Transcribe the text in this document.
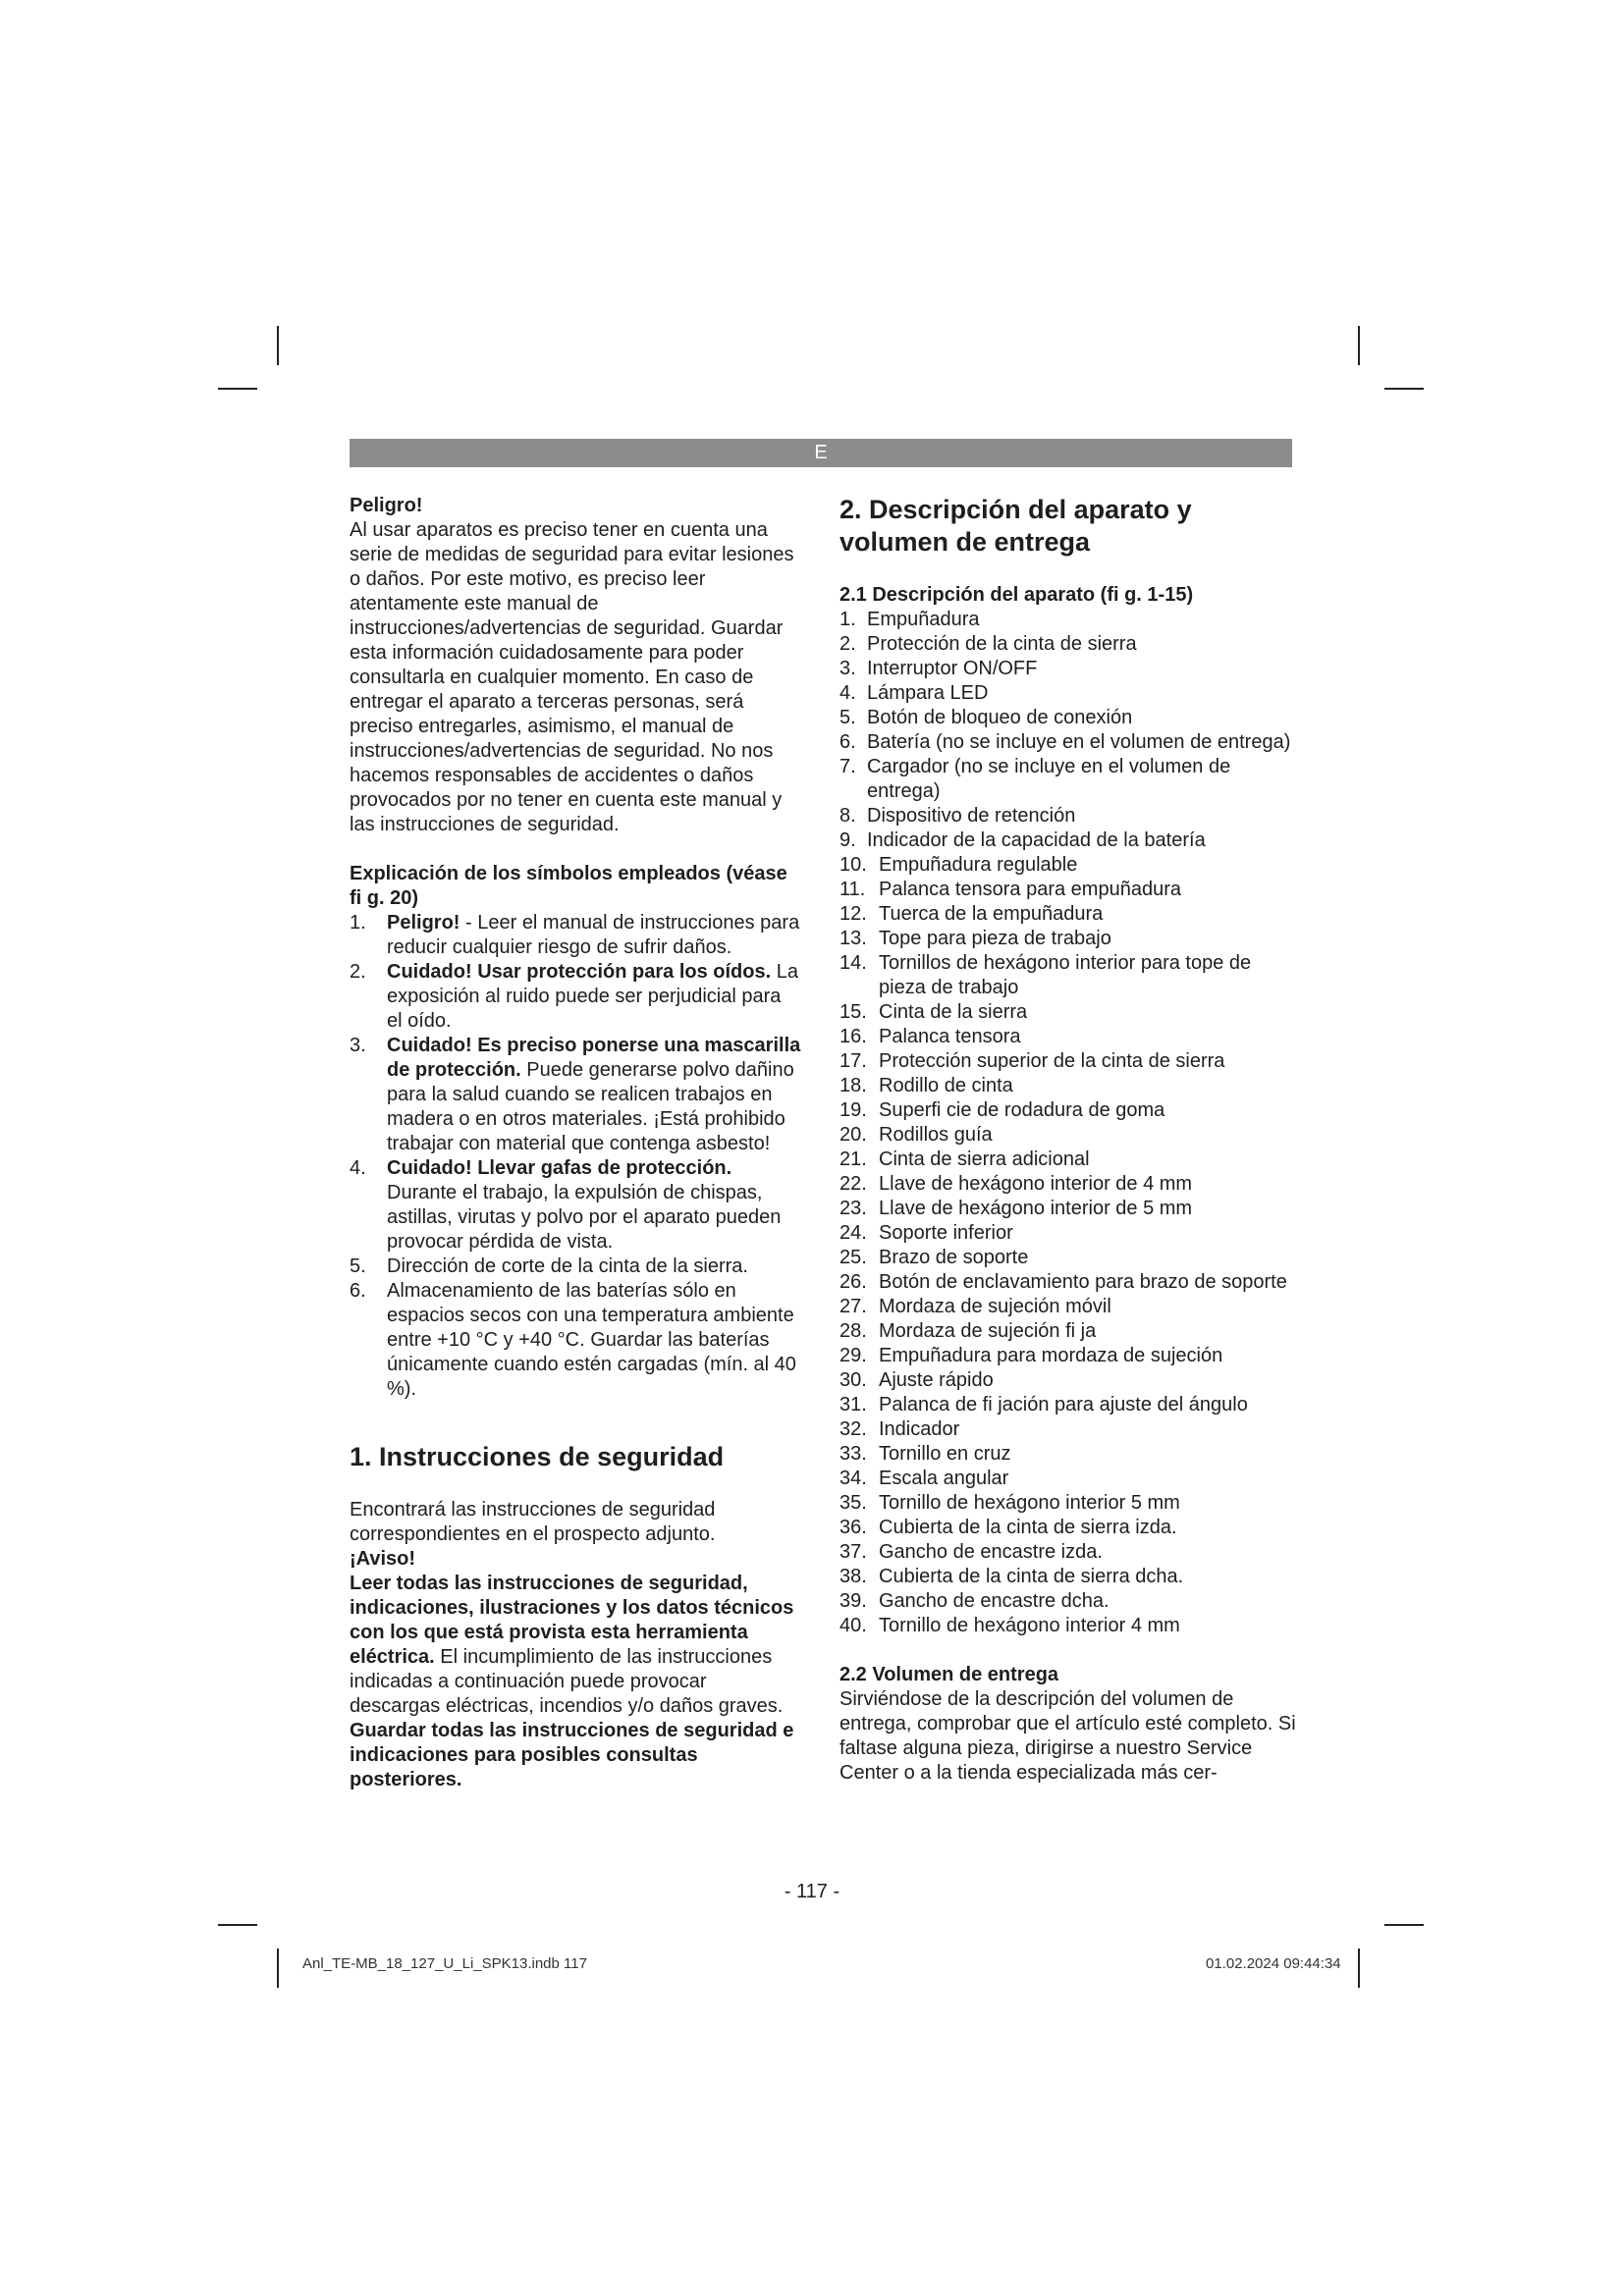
E
Peligro!

Al usar aparatos es preciso tener en cuenta una serie de medidas de seguridad para evitar lesiones o daños. Por este motivo, es preciso leer atentamente este manual de instrucciones/advertencias de seguridad. Guardar esta información cuidadosamente para poder consultarla en cualquier momento. En caso de entregar el aparato a terceras personas, será preciso entregarles, asimismo, el manual de instrucciones/advertencias de seguridad. No nos hacemos responsables de accidentes o daños provocados por no tener en cuenta este manual y las instrucciones de seguridad.

Explicación de los símbolos empleados (véase fi g. 20)
1. Peligro! - Leer el manual de instrucciones para reducir cualquier riesgo de sufrir daños.
2. Cuidado! Usar protección para los oídos. La exposición al ruido puede ser perjudicial para el oído.
3. Cuidado! Es preciso ponerse una mascarilla de protección. Puede generarse polvo dañino para la salud cuando se realicen trabajos en madera o en otros materiales. ¡Está prohibido trabajar con material que contenga asbesto!
4. Cuidado! Llevar gafas de protección. Durante el trabajo, la expulsión de chispas, astillas, virutas y polvo por el aparato pueden provocar pérdida de vista.
5. Dirección de corte de la cinta de la sierra.
6. Almacenamiento de las baterías sólo en espacios secos con una temperatura ambiente entre +10 °C y +40 °C. Guardar las baterías únicamente cuando estén cargadas (mín. al 40 %).
1. Instrucciones de seguridad

Encontrará las instrucciones de seguridad correspondientes en el prospecto adjunto.

¡Aviso!

Leer todas las instrucciones de seguridad, indicaciones, ilustraciones y los datos técnicos con los que está provista esta herramienta eléctrica. El incumplimiento de las instrucciones indicadas a continuación puede provocar descargas eléctricas, incendios y/o daños graves.

Guardar todas las instrucciones de seguridad e indicaciones para posibles consultas posteriores.

2. Descripción del aparato y volumen de entrega
2.1 Descripción del aparato (fi g. 1-15)
1. Empuñadura
2. Protección de la cinta de sierra
3. Interruptor ON/OFF
4. Lámpara LED
5. Botón de bloqueo de conexión
6. Batería (no se incluye en el volumen de entrega)
7. Cargador (no se incluye en el volumen de entrega)
8. Dispositivo de retención
9. Indicador de la capacidad de la batería
10. Empuñadura regulable
11. Palanca tensora para empuñadura
12. Tuerca de la empuñadura
13. Tope para pieza de trabajo
14. Tornillos de hexágono interior para tope de pieza de trabajo
15. Cinta de la sierra
16. Palanca tensora
17. Protección superior de la cinta de sierra
18. Rodillo de cinta
19. Superfi cie de rodadura de goma
20. Rodillos guía
21. Cinta de sierra adicional
22. Llave de hexágono interior de 4 mm
23. Llave de hexágono interior de 5 mm
24. Soporte inferior
25. Brazo de soporte
26. Botón de enclavamiento para brazo de soporte
27. Mordaza de sujeción móvil
28. Mordaza de sujeción fi ja
29. Empuñadura para mordaza de sujeción
30. Ajuste rápido
31. Palanca de fi jación para ajuste del ángulo
32. Indicador
33. Tornillo en cruz
34. Escala angular
35. Tornillo de hexágono interior 5 mm
36. Cubierta de la cinta de sierra izda.
37. Gancho de encastre izda.
38. Cubierta de la cinta de sierra dcha.
39. Gancho de encastre dcha.
40. Tornillo de hexágono interior 4 mm
2.2 Volumen de entrega

Sirviéndose de la descripción del volumen de entrega, comprobar que el artículo esté completo. Si faltase alguna pieza, dirigirse a nuestro Service Center o a la tienda especializada más cer-

- 117 -
Anl_TE-MB_18_127_U_Li_SPK13.indb 117	01.02.2024 09:44:34
